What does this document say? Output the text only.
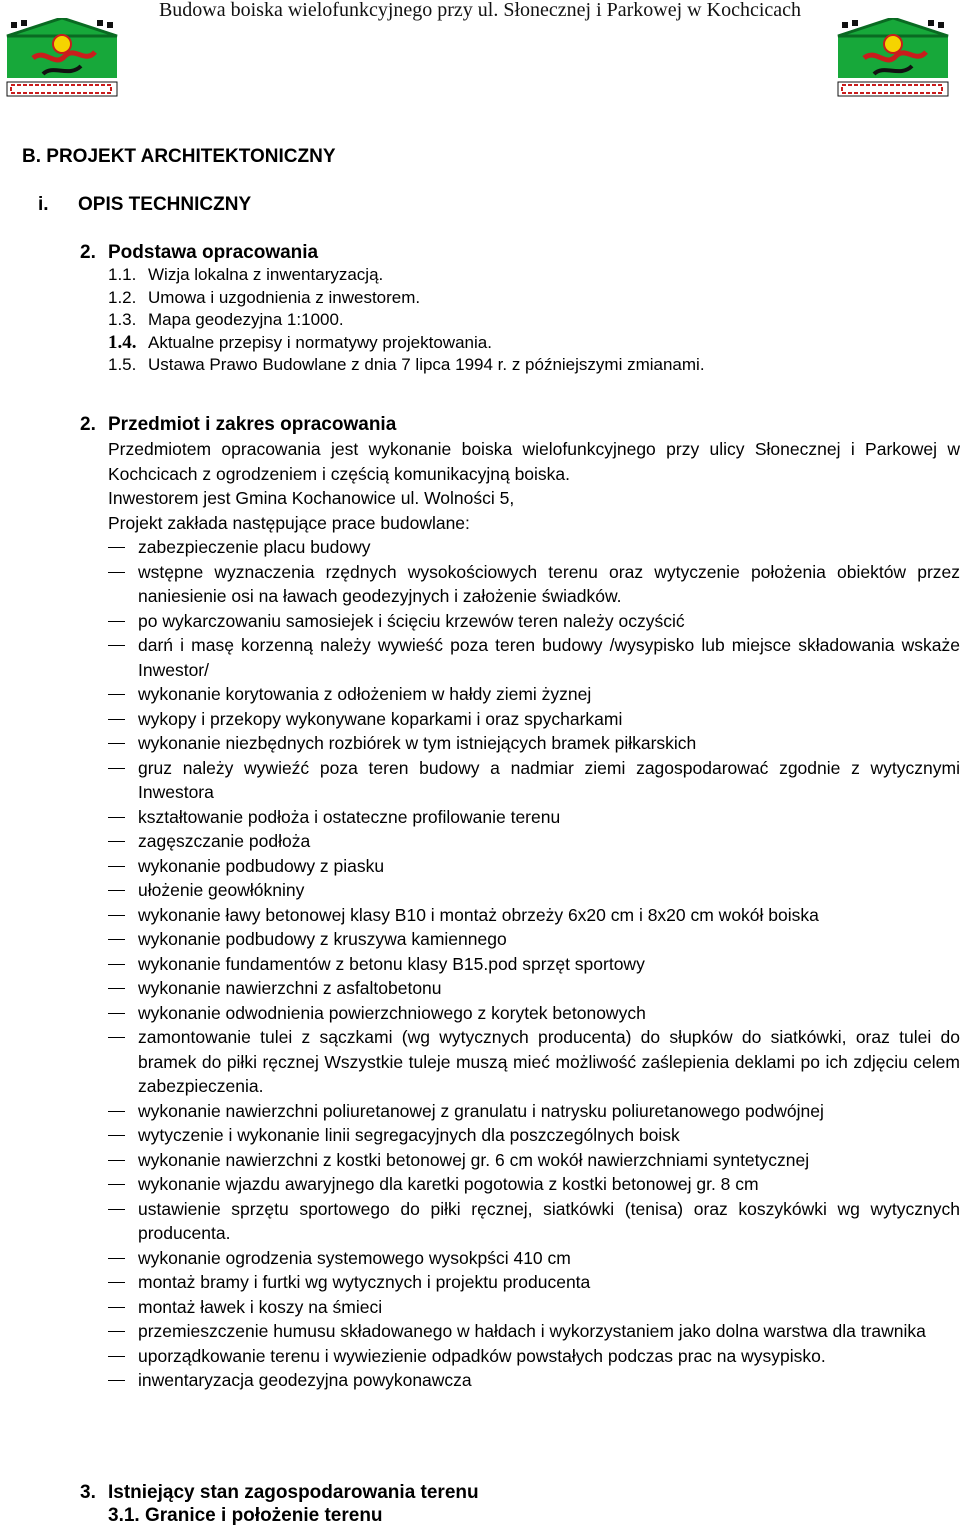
Budowa boiska wielofunkcyjnego przy ul. Słonecznej i Parkowej w Kochcicach
B. PROJEKT ARCHITEKTONICZNY
i. OPIS TECHNICZNY
2. Podstawa opracowania
1.1. Wizja lokalna z inwentaryzacją.
1.2. Umowa i uzgodnienia z inwestorem.
1.3. Mapa geodezyjna 1:1000.
1.4. Aktualne przepisy i normatywy projektowania.
1.5. Ustawa Prawo Budowlane z dnia 7 lipca 1994 r. z późniejszymi zmianami.
2. Przedmiot i zakres opracowania

Przedmiotem opracowania jest wykonanie boiska wielofunkcyjnego przy ulicy Słonecznej i Parkowej w Kochcicach z ogrodzeniem i częścią komunikacyjną boiska.

Inwestorem jest Gmina Kochanowice ul. Wolności 5,

Projekt zakłada następujące prace budowlane:

zabezpieczenie placu budowy
wstępne wyznaczenia rzędnych wysokościowych terenu oraz wytyczenie położenia obiektów przez naniesienie osi na ławach geodezyjnych i założenie świadków.
po wykarczowaniu samosiejek i ścięciu krzewów teren należy oczyścić
darń i masę korzenną należy wywieść poza teren budowy /wysypisko lub miejsce składowania wskaże Inwestor/
wykonanie korytowania z odłożeniem w hałdy ziemi żyznej
wykopy i przekopy wykonywane koparkami i oraz spycharkami
wykonanie niezbędnych rozbiórek w tym istniejących bramek piłkarskich
gruz należy wywieźć poza teren budowy a nadmiar ziemi zagospodarować zgodnie z wytycznymi Inwestora
kształtowanie podłoża i ostateczne profilowanie terenu
zagęszczanie podłoża
wykonanie podbudowy z piasku
ułożenie geowłókniny
wykonanie ławy betonowej klasy B10 i montaż obrzeży 6x20 cm i 8x20 cm wokół boiska
wykonanie podbudowy z kruszywa kamiennego
wykonanie fundamentów z betonu klasy B15.pod sprzęt sportowy
wykonanie nawierzchni z asfaltobetonu
wykonanie odwodnienia powierzchniowego z korytek betonowych
zamontowanie tulei z sączkami (wg wytycznych producenta) do słupków do siatkówki, oraz tulei do bramek do piłki ręcznej Wszystkie tuleje muszą mieć możliwość zaślepienia deklami po ich zdjęciu celem zabezpieczenia.
wykonanie nawierzchni poliuretanowej z granulatu i natrysku poliuretanowego podwójnej
wytyczenie i wykonanie linii segregacyjnych dla poszczególnych boisk
wykonanie nawierzchni z kostki betonowej gr. 6 cm wokół nawierzchniami syntetycznej
wykonanie wjazdu awaryjnego dla karetki pogotowia z kostki betonowej gr. 8 cm
ustawienie sprzętu sportowego do piłki ręcznej, siatkówki (tenisa) oraz koszykówki wg wytycznych producenta.
wykonanie ogrodzenia systemowego wysokpści 410 cm
montaż bramy i furtki wg wytycznych i projektu producenta
montaż ławek i koszy na śmieci
przemieszczenie humusu składowanego w hałdach i wykorzystaniem jako dolna warstwa dla trawnika
uporządkowanie terenu i wywiezienie odpadków powstałych podczas prac na wysypisko.
inwentaryzacja geodezyjna powykonawcza
3. Istniejący stan zagospodarowania terenu
3.1. Granice i położenie terenu
